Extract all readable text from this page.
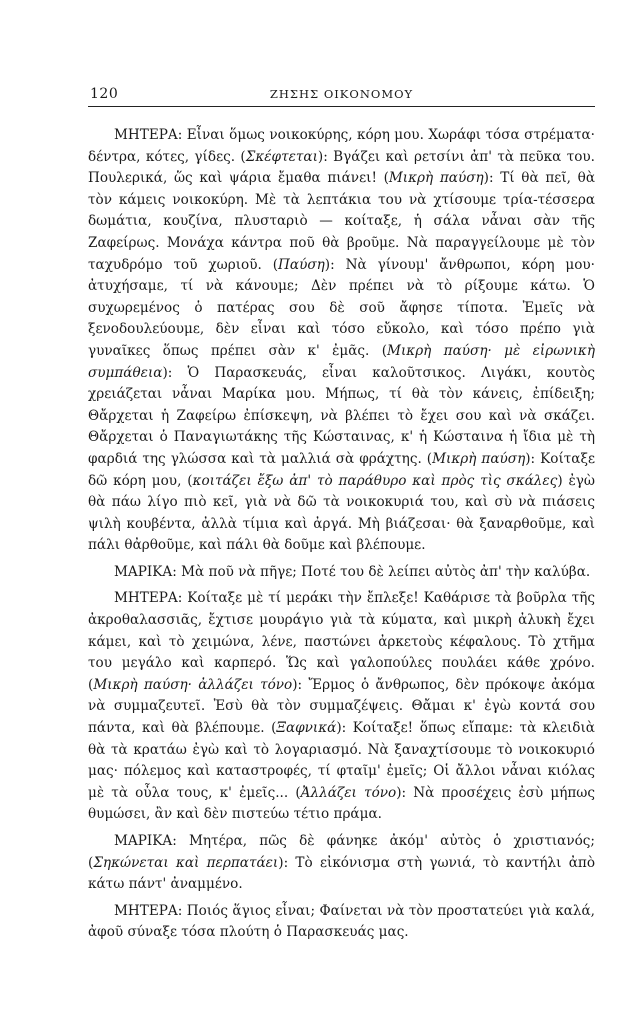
120	ΖΗΣΗΣ ΟΙΚΟΝΟΜΟΥ

ΜΗΤΕΡΑ: Εἶναι ὅμως νοικοκύρης, κόρη μου. Χωράφι τόσα στρέματα· δέντρα, κότες, γίδες. (Σκέφτεται): Βγάζει καὶ ρετσίνι ἀπ' τὰ πεῦκα του. Πουλερικά, ὥς καὶ ψάρια ἔμαθα πιάνει! (Μικρὴ παύση): Τί θὰ πεῖ, θὰ τὸν κάμεις νοικοκύρη. Μὲ τὰ λεπτάκια του νὰ χτίσουμε τρία-τέσσερα δωμάτια, κουζίνα, πλυσταριὸ — κοίταξε, ἡ σάλα νἆναι σὰν τῆς Ζαφείρως. Μονάχα κάντρα ποῦ θὰ βροῦμε. Νὰ παραγγείλουμε μὲ τὸν ταχυδρόμο τοῦ χωριοῦ. (Παύση): Νὰ γίνουμ' ἄνθρωποι, κόρη μου· ἀτυχήσαμε, τί νὰ κάνουμε; Δὲν πρέπει νὰ τὸ ρίξουμε κάτω. Ὁ συχωρεμένος ὁ πατέρας σου δὲ σοῦ ἄφησε τίποτα. Ἐμεῖς νὰ ξενοδουλεύουμε, δὲν εἶναι καὶ τόσο εὔκολο, καὶ τόσο πρέπο γιὰ γυναῖκες ὅπως πρέπει σὰν κ' ἐμᾶς. (Μικρὴ παύση· μὲ εἰρωνικὴ συμπάθεια): Ὁ Παρασκευάς, εἶναι καλοῦτσικος. Λιγάκι, κουτὸς χρειάζεται νἆναι Μαρίκα μου. Μήπως, τί θὰ τὸν κάνεις, ἐπίδειξη; Θἄρχεται ἡ Ζαφείρω ἐπίσκεψη, νὰ βλέπει τὸ ἔχει σου καὶ νὰ σκάζει. Θἄρχεται ὁ Παναγιωτάκης τῆς Κώσταινας, κ' ἡ Κώσταινα ἡ ἴδια μὲ τὴ φαρδιά της γλώσσα καὶ τὰ μαλλιά σὰ φράχτης. (Μικρὴ παύση): Κοίταξε δῶ κόρη μου, (κοιτάζει ἔξω ἀπ' τὸ παράθυρο καὶ πρὸς τὶς σκάλες) ἐγὼ θὰ πάω λίγο πιὸ κεῖ, γιὰ νὰ δῶ τὰ νοικοκυριά του, καὶ σὺ νὰ πιάσεις ψιλὴ κουβέντα, ἀλλὰ τίμια καὶ ἀργά. Μὴ βιάζεσαι· θὰ ξαναρθοῦμε, καὶ πάλι θἀρθοῦμε, καὶ πάλι θὰ δοῦμε καὶ βλέπουμε.

ΜΑΡΙΚΑ: Μὰ ποῦ νὰ πῆγε; Ποτέ του δὲ λείπει αὐτὸς ἀπ' τὴν καλύβα.

ΜΗΤΕΡΑ: Κοίταξε μὲ τί μεράκι τὴν ἔπλεξε! Καθάρισε τὰ βοῦρλα τῆς ἀκροθαλασσιᾶς, ἔχτισε μουράγιο γιὰ τὰ κύματα, καὶ μικρὴ ἀλυκὴ ἔχει κάμει, καὶ τὸ χειμώνα, λένε, παστώνει ἀρκετοὺς κέφαλους. Τὸ χτῆμα του μεγάλο καὶ καρπερό. Ὥς καὶ γαλοπούλες πουλάει κάθε χρόνο. (Μικρὴ παύση· ἀλλάζει τόνο): Ἔρμος ὁ ἄνθρωπος, δὲν πρόκοψε ἀκόμα νὰ συμμαζευτεῖ. Ἐσὺ θὰ τὸν συμμαζέψεις. Θἄμαι κ' ἐγὼ κοντά σου πάντα, καὶ θὰ βλέπουμε. (Ξαφνικά): Κοίταξε! ὅπως εἴπαμε: τὰ κλειδιὰ θὰ τὰ κρατάω ἐγὼ καὶ τὸ λογαριασμό. Νὰ ξαναχτίσουμε τὸ νοικοκυριό μας· πόλεμος καὶ καταστροφές, τί φταῖμ' ἐμεῖς; Οἱ ἄλλοι νἆναι κιόλας μὲ τὰ οὖλα τους, κ' ἐμεῖς... (Ἀλλάζει τόνο): Νὰ προσέχεις ἐσὺ μήπως θυμώσει, ἂν καὶ δὲν πιστεύω τέτιο πράμα.

ΜΑΡΙΚΑ: Μητέρα, πῶς δὲ φάνηκε ἀκόμ' αὐτὸς ὁ χριστιανός; (Σηκώνεται καὶ περπατάει): Τὸ εἰκόνισμα στὴ γωνιά, τὸ καντήλι ἀπὸ κάτω πάντ' ἀναμμένο.

ΜΗΤΕΡΑ: Ποιός ἅγιος εἶναι; Φαίνεται νὰ τὸν προστατεύει γιὰ καλά, ἀφοῦ σύναξε τόσα πλούτη ὁ Παρασκευάς μας.
